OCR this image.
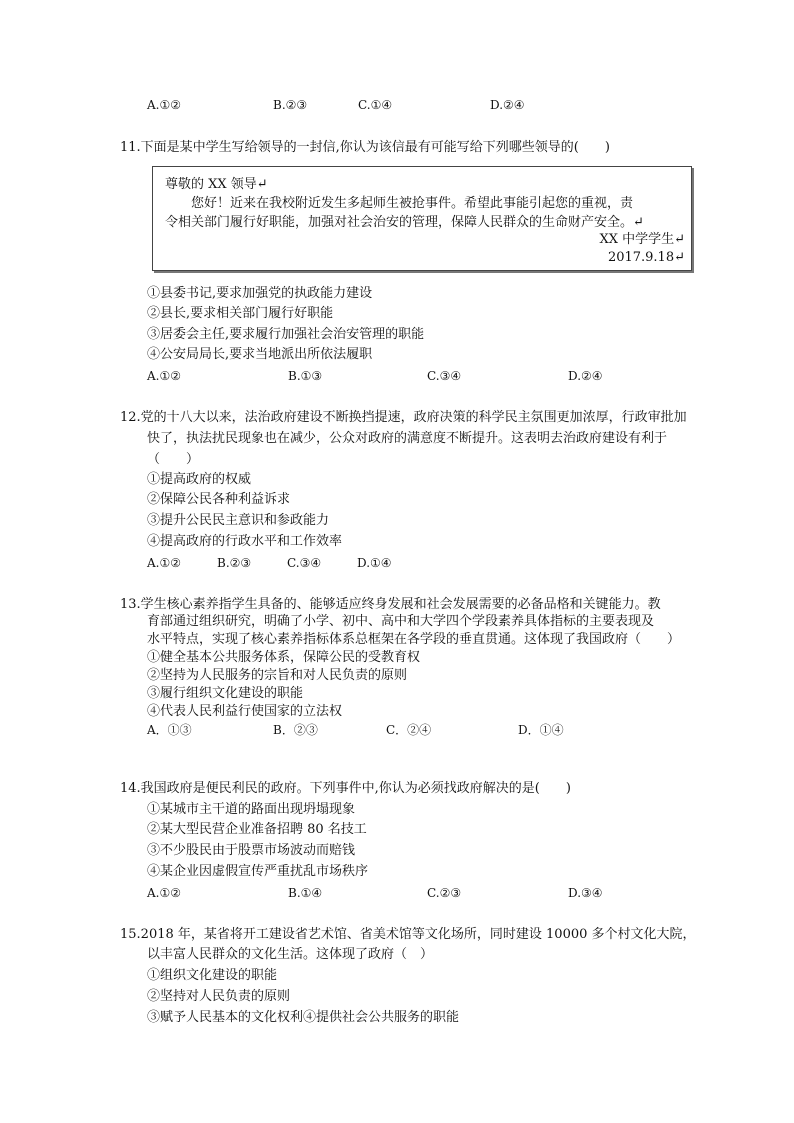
A.①②	B.②③	C.①④	D.②④
11.下面是某中学生写给领导的一封信,你认为该信最有可能写给下列哪些领导的(　　)
尊敬的 XX 领导↵
您好！近来在我校附近发生多起师生被抢事件。希望此事能引起您的重视，责
令相关部门履行好职能，加强对社会治安的管理，保障人民群众的生命财产安全。↵
XX 中学学生↵
2017.9.18↵
①县委书记,要求加强党的执政能力建设
②县长,要求相关部门履行好职能
③居委会主任,要求履行加强社会治安管理的职能
④公安局局长,要求当地派出所依法履职
A.①②	B.①③	C.③④	D.②④
12.党的十八大以来，法治政府建设不断换挡提速，政府决策的科学民主氛围更加浓厚，行政审批加
快了，执法扰民现象也在减少，公众对政府的满意度不断提升。这表明去治政府建设有利于
（　　）
①提高政府的权威
②保障公民各种利益诉求
③提升公民民主意识和参政能力
④提高政府的行政水平和工作效率
A.①②	B.②③	C.③④	D.①④
13.学生核心素养指学生具备的、能够适应终身发展和社会发展需要的必备品格和关键能力。教
育部通过组织研究，明确了小学、初中、高中和大学四个学段素养具体指标的主要表现及
水平特点，实现了核心素养指标体系总框架在各学段的垂直贯通。这体现了我国政府（　　）
①健全基本公共服务体系，保障公民的受教育权
②坚持为人民服务的宗旨和对人民负责的原则
③履行组织文化建设的职能
④代表人民利益行使国家的立法权
A．①③	B．②③	C．②④	D．①④
14.我国政府是便民利民的政府。下列事件中,你认为必须找政府解决的是(　　)
①某城市主干道的路面出现坍塌现象
②某大型民营企业准备招聘 80 名技工
③不少股民由于股票市场波动而赔钱
④某企业因虚假宣传严重扰乱市场秩序
A.①②	B.①④	C.②③	D.③④
15.2018 年，某省将开工建设省艺术馆、省美术馆等文化场所，同时建设 10000 多个村文化大院，
以丰富人民群众的文化生活。这体现了政府（　）
①组织文化建设的职能
②坚持对人民负责的原则
③赋予人民基本的文化权利④提供社会公共服务的职能
